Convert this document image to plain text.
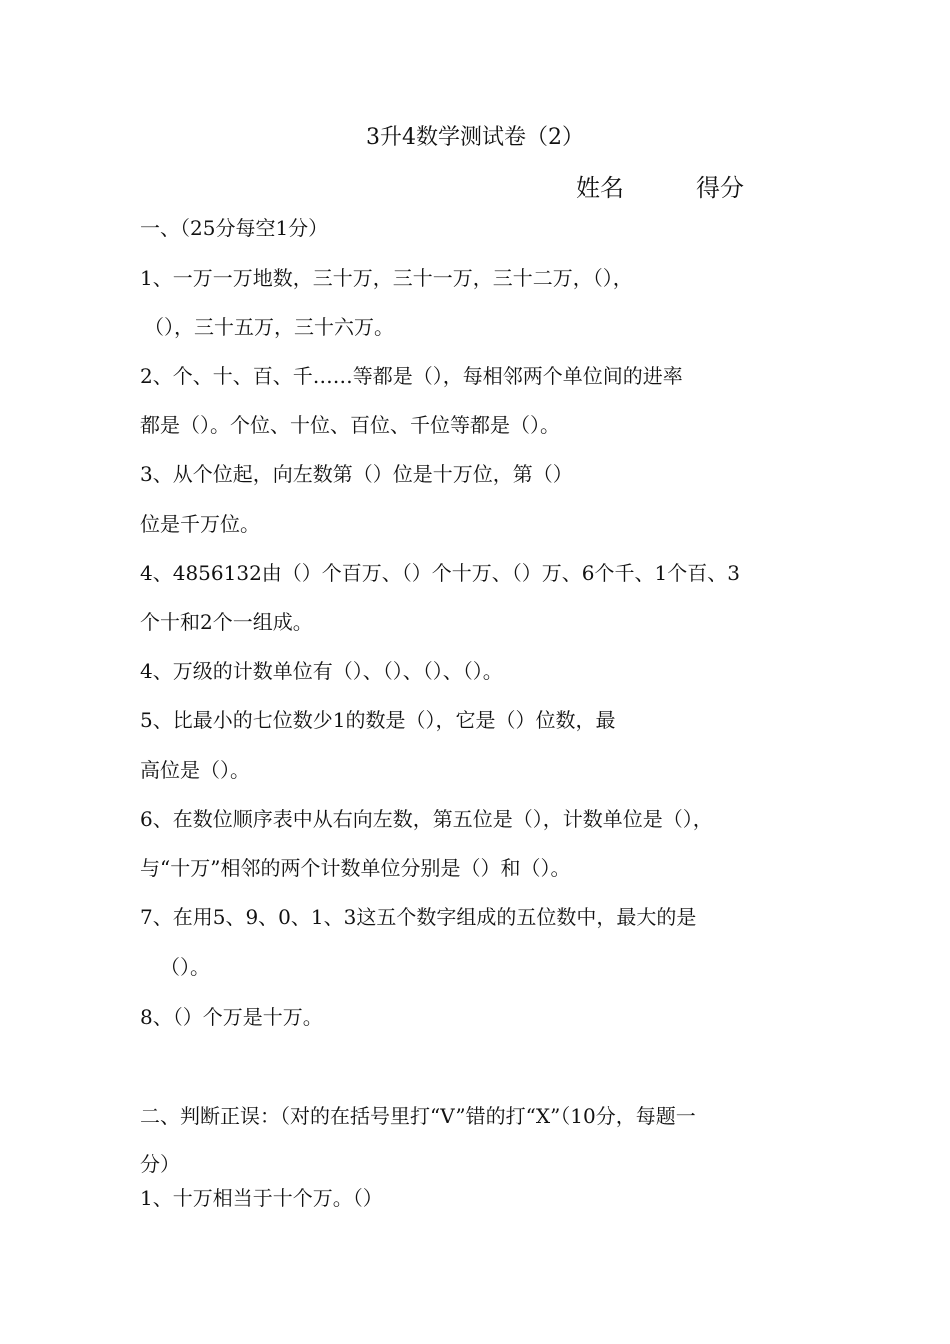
3升4数学测试卷（2）
姓名	得分
一、（25分每空1分）
1、一万一万地数，三十万，三十一万，三十二万，（），
（），三十五万，三十六万。
2、个、十、百、千……等都是（），每相邻两个单位间的进率
都是（）。个位、十位、百位、千位等都是（）。
3、从个位起，向左数第（）位是十万位，第（）
位是千万位。
4、4856132由（）个百万、（）个十万、（）万、6个千、1个百、3
个十和2个一组成。
4、万级的计数单位有（）、（）、（）、（）。
5、比最小的七位数少1的数是（），它是（）位数，最
高位是（）。
6、在数位顺序表中从右向左数，第五位是（），计数单位是（），
与“十万”相邻的两个计数单位分别是（）和（）。
7、在用5、9、0、1、3这五个数字组成的五位数中，最大的是
（）。
8、（）个万是十万。
二、判断正误：（对的在括号里打“V”错的打“X”（10分，每题一
分）
1、十万相当于十个万。（）
